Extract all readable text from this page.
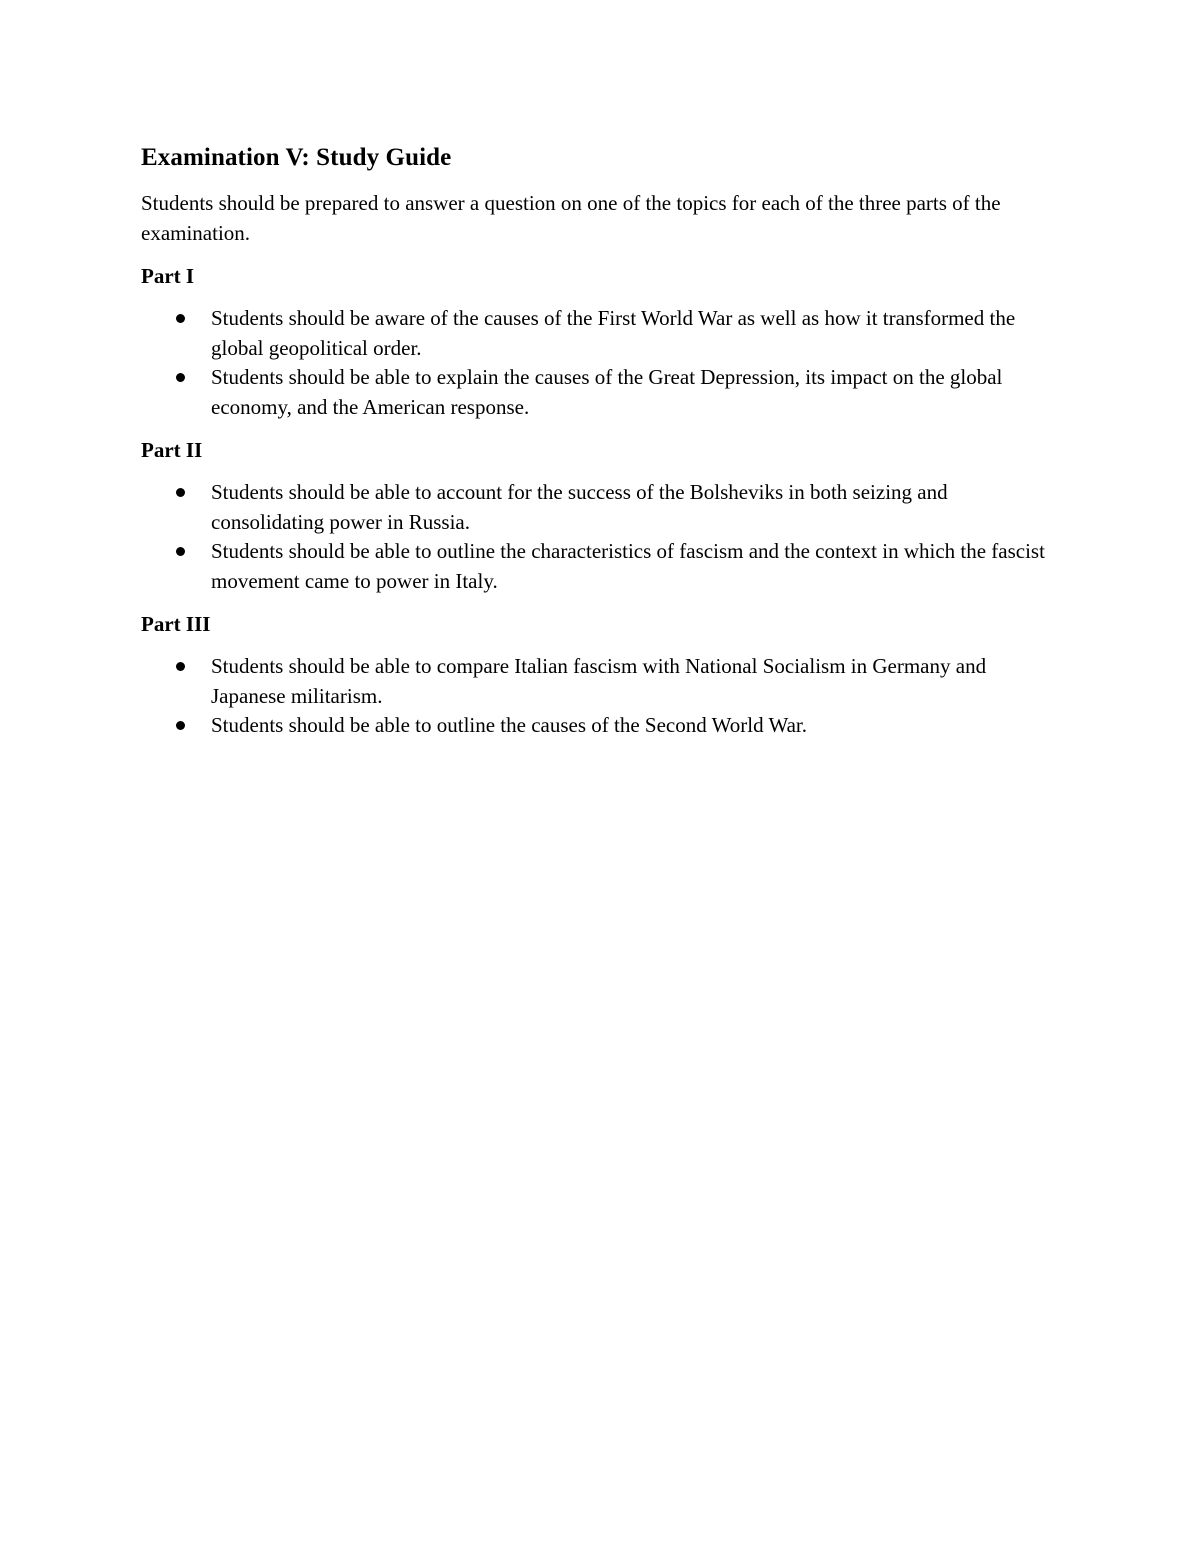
Examination V: Study Guide

Students should be prepared to answer a question on one of the topics for each of the three parts of the examination.

Part I
Students should be aware of the causes of the First World War as well as how it transformed the global geopolitical order.
Students should be able to explain the causes of the Great Depression, its impact on the global economy, and the American response.
Part II
Students should be able to account for the success of the Bolsheviks in both seizing and consolidating power in Russia.
Students should be able to outline the characteristics of fascism and the context in which the fascist movement came to power in Italy.
Part III
Students should be able to compare Italian fascism with National Socialism in Germany and Japanese militarism.
Students should be able to outline the causes of the Second World War.
